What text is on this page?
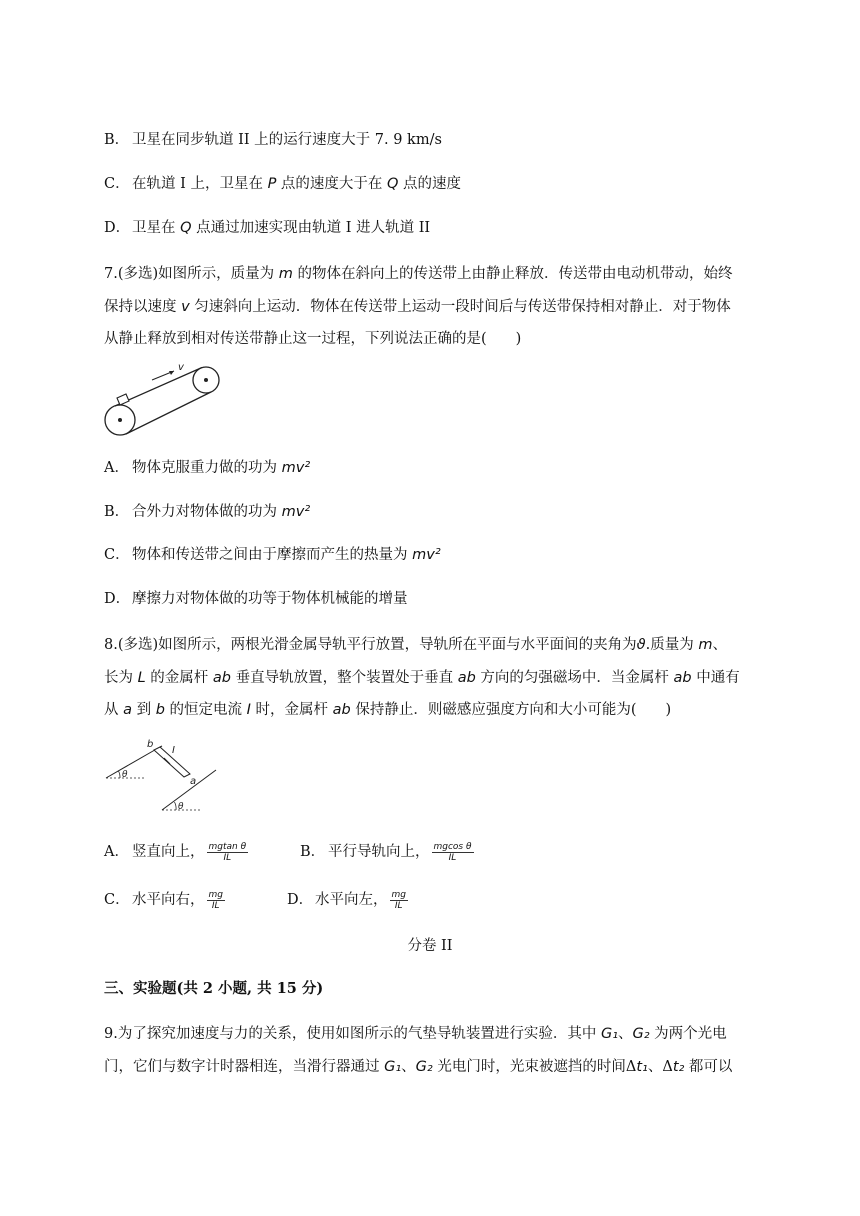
B． 卫星在同步轨道 II 上的运行速度大于 7. 9 km/s
C． 在轨道 I 上，卫星在 P 点的速度大于在 Q 点的速度
D． 卫星在 Q 点通过加速实现由轨道 I 进人轨道 II
7.(多选)如图所示，质量为 m 的物体在斜向上的传送带上由静止释放．传送带由电动机带动，始终
保持以速度 v 匀速斜向上运动．物体在传送带上运动一段时间后与传送带保持相对静止．对于物体
从静止释放到相对传送带静止这一过程，下列说法正确的是(　　)
v
A． 物体克服重力做的功为 mv²
B． 合外力对物体做的功为 mv²
C． 物体和传送带之间由于摩擦而产生的热量为 mv²
D． 摩擦力对物体做的功等于物体机械能的增量
8.(多选)如图所示，两根光滑金属导轨平行放置，导轨所在平面与水平面间的夹角为ϑ.质量为 m、
长为 L 的金属杆 ab 垂直导轨放置，整个装置处于垂直 ab 方向的匀强磁场中．当金属杆 ab 中通有
从 a 到 b 的恒定电流 I 时，金属杆 ab 保持静止．则磁感应强度方向和大小可能为(　　)
b
I
a
θ
θ
A． 竖直向上， $\frac{\text{mgtan θ}}{IL}$	B． 平行导轨向上， $\frac{\text{mgcos θ}}{IL}$
C． 水平向右， $\frac{mg}{IL}$	D． 水平向左， $\frac{mg}{IL}$
分卷 II
三、实验题(共 2 小题, 共 15 分)
9.为了探究加速度与力的关系，使用如图所示的气垫导轨装置进行实验．其中 G₁、G₂ 为两个光电
门，它们与数字计时器相连，当滑行器通过 G₁、G₂ 光电门时，光束被遮挡的时间Δt₁、Δt₂ 都可以
